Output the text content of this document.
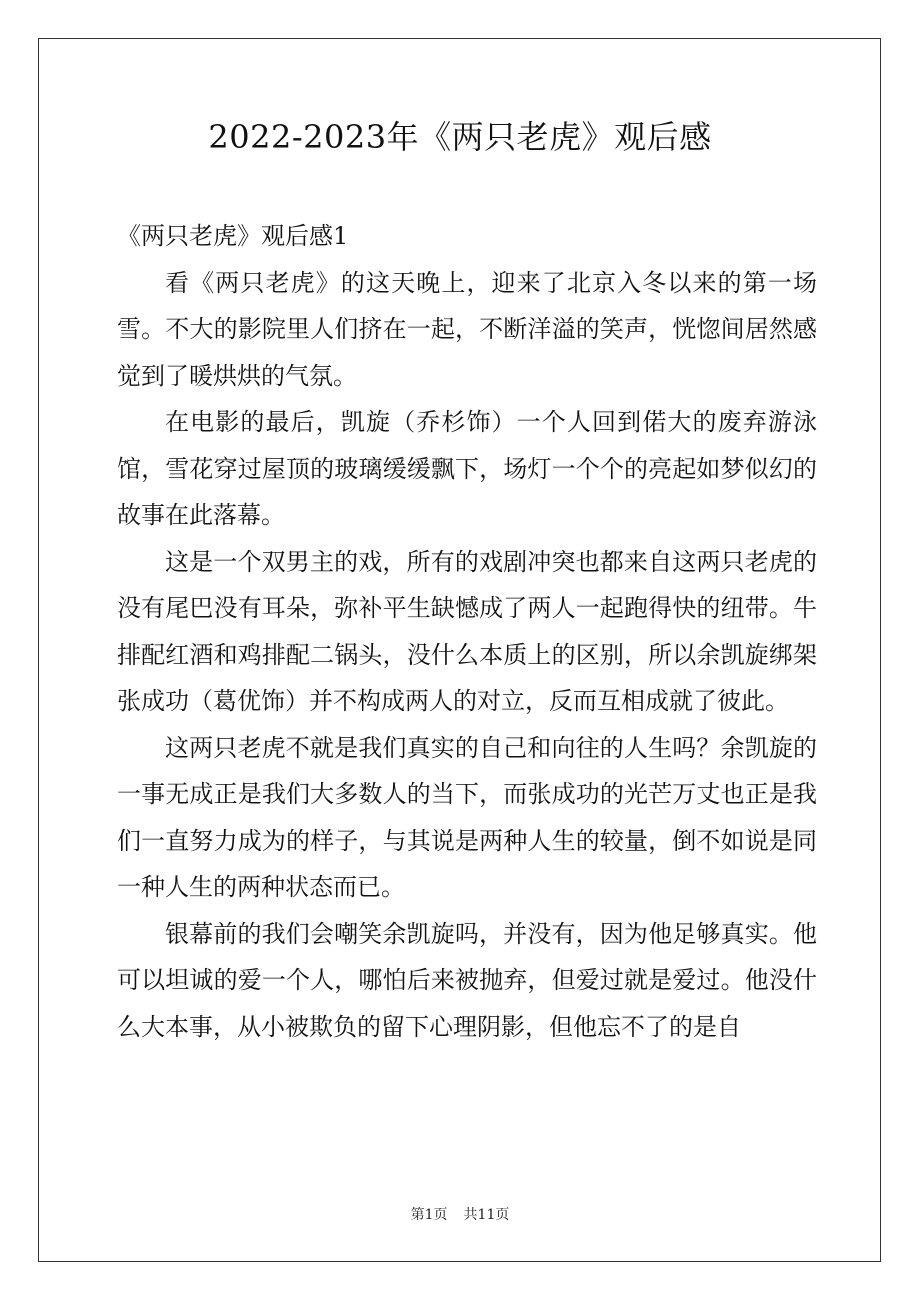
2022-2023年《两只老虎》观后感
《两只老虎》观后感1

看《两只老虎》的这天晚上，迎来了北京入冬以来的第一场雪。不大的影院里人们挤在一起，不断洋溢的笑声，恍惚间居然感觉到了暖烘烘的气氛。

在电影的最后，凯旋（乔杉饰）一个人回到偌大的废弃游泳馆，雪花穿过屋顶的玻璃缓缓飘下，场灯一个个的亮起如梦似幻的故事在此落幕。

这是一个双男主的戏，所有的戏剧冲突也都来自这两只老虎的没有尾巴没有耳朵，弥补平生缺憾成了两人一起跑得快的纽带。牛排配红酒和鸡排配二锅头，没什么本质上的区别，所以余凯旋绑架张成功（葛优饰）并不构成两人的对立，反而互相成就了彼此。

这两只老虎不就是我们真实的自己和向往的人生吗？余凯旋的一事无成正是我们大多数人的当下，而张成功的光芒万丈也正是我们一直努力成为的样子，与其说是两种人生的较量，倒不如说是同一种人生的两种状态而已。

银幕前的我们会嘲笑余凯旋吗，并没有，因为他足够真实。他可以坦诚的爱一个人，哪怕后来被抛弃，但爱过就是爱过。他没什么大本事，从小被欺负的留下心理阴影，但他忘不了的是自

第1页 共11页
